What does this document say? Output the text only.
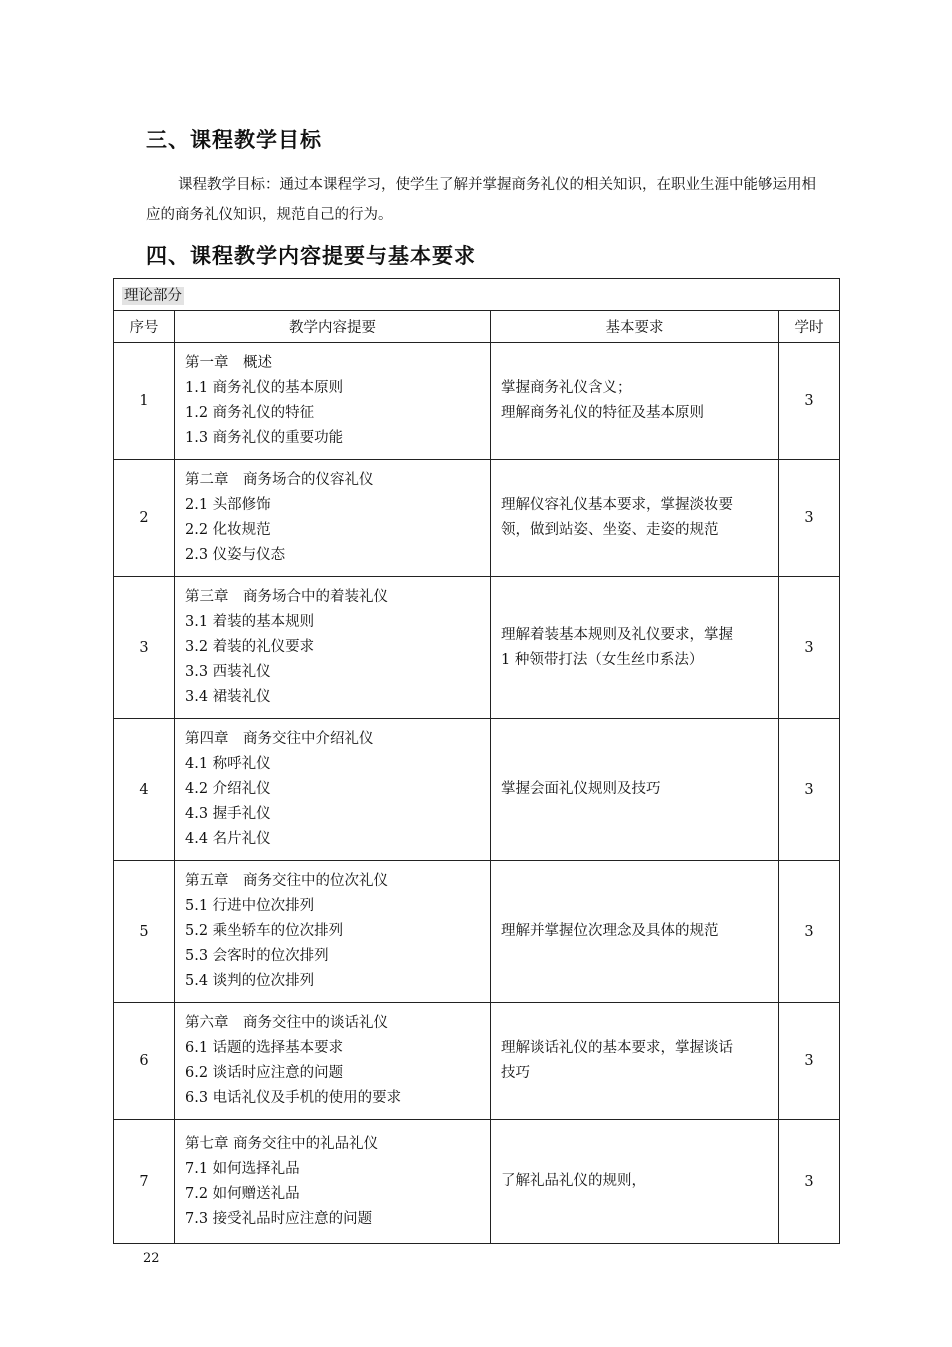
三、课程教学目标

课程教学目标：通过本课程学习，使学生了解并掌握商务礼仪的相关知识，在职业生涯中能够运用相应的商务礼仪知识，规范自己的行为。

四、课程教学内容提要与基本要求
理论部分			
序号	教学内容提要	基本要求	学时
1	第一章　概述
1.1 商务礼仪的基本原则
1.2 商务礼仪的特征
1.3 商务礼仪的重要功能	掌握商务礼仪含义；
理解商务礼仪的特征及基本原则	3
2	第二章　商务场合的仪容礼仪
2.1 头部修饰
2.2 化妆规范
2.3 仪姿与仪态	理解仪容礼仪基本要求，掌握淡妆要
领，做到站姿、坐姿、走姿的规范	3
3	第三章　商务场合中的着装礼仪
3.1 着装的基本规则
3.2 着装的礼仪要求
3.3 西装礼仪
3.4 裙装礼仪	理解着装基本规则及礼仪要求，掌握
1 种领带打法（女生丝巾系法）	3
4	第四章　商务交往中介绍礼仪
4.1 称呼礼仪
4.2 介绍礼仪
4.3 握手礼仪
4.4 名片礼仪	掌握会面礼仪规则及技巧	3
5	第五章　商务交往中的位次礼仪
5.1 行进中位次排列
5.2 乘坐轿车的位次排列
5.3 会客时的位次排列
5.4 谈判的位次排列	理解并掌握位次理念及具体的规范	3
6	第六章　商务交往中的谈话礼仪
6.1 话题的选择基本要求
6.2 谈话时应注意的问题
6.3 电话礼仪及手机的使用的要求	理解谈话礼仪的基本要求，掌握谈话
技巧	3
7	第七章 商务交往中的礼品礼仪
7.1 如何选择礼品
7.2 如何赠送礼品
7.3 接受礼品时应注意的问题	了解礼品礼仪的规则，	3
22
